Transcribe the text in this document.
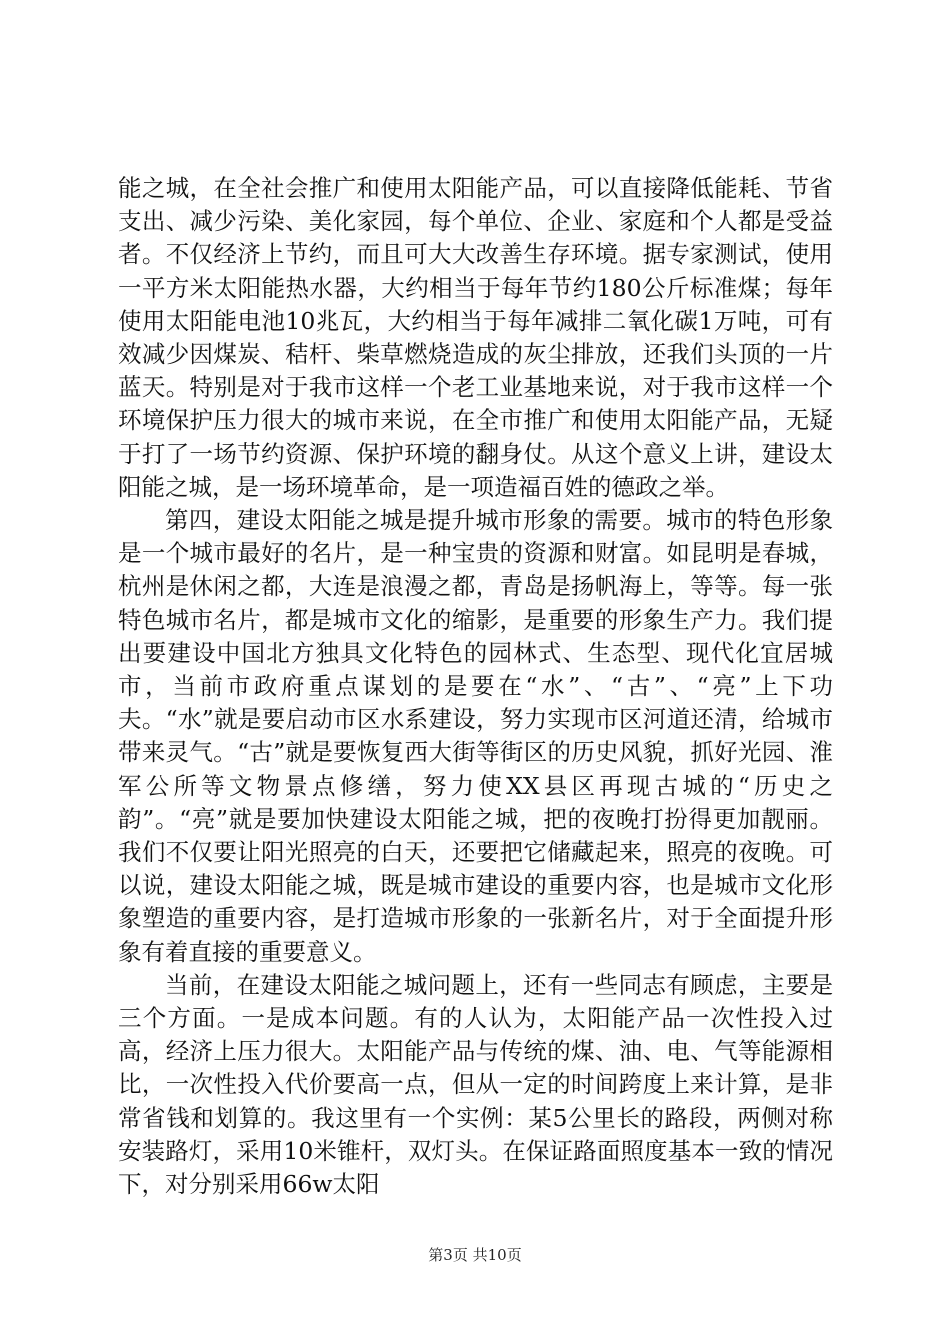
能之城，在全社会推广和使用太阳能产品，可以直接降低能耗、节省支出、减少污染、美化家园，每个单位、企业、家庭和个人都是受益者。不仅经济上节约，而且可大大改善生存环境。据专家测试，使用一平方米太阳能热水器，大约相当于每年节约180公斤标准煤；每年使用太阳能电池10兆瓦，大约相当于每年减排二氧化碳1万吨，可有效减少因煤炭、秸杆、柴草燃烧造成的灰尘排放，还我们头顶的一片蓝天。特别是对于我市这样一个老工业基地来说，对于我市这样一个环境保护压力很大的城市来说，在全市推广和使用太阳能产品，无疑于打了一场节约资源、保护环境的翻身仗。从这个意义上讲，建设太阳能之城，是一场环境革命，是一项造福百姓的德政之举。

第四，建设太阳能之城是提升城市形象的需要。城市的特色形象是一个城市最好的名片，是一种宝贵的资源和财富。如昆明是春城，杭州是休闲之都，大连是浪漫之都，青岛是扬帆海上，等等。每一张特色城市名片，都是城市文化的缩影，是重要的形象生产力。我们提出要建设中国北方独具文化特色的园林式、生态型、现代化宜居城市，当前市政府重点谋划的是要在“水”、“古”、“亮”上下功夫。“水”就是要启动市区水系建设，努力实现市区河道还清，给城市带来灵气。“古”就是要恢复西大街等街区的历史风貌，抓好光园、淮军公所等文物景点修缮，努力使XX县区再现古城的“历史之韵”。“亮”就是要加快建设太阳能之城，把的夜晚打扮得更加靓丽。我们不仅要让阳光照亮的白天，还要把它储藏起来，照亮的夜晚。可以说，建设太阳能之城，既是城市建设的重要内容，也是城市文化形象塑造的重要内容，是打造城市形象的一张新名片，对于全面提升形象有着直接的重要意义。

当前，在建设太阳能之城问题上，还有一些同志有顾虑，主要是三个方面。一是成本问题。有的人认为，太阳能产品一次性投入过高，经济上压力很大。太阳能产品与传统的煤、油、电、气等能源相比，一次性投入代价要高一点，但从一定的时间跨度上来计算，是非常省钱和划算的。我这里有一个实例：某5公里长的路段，两侧对称安装路灯，采用10米锥杆，双灯头。在保证路面照度基本一致的情况下，对分别采用66w太阳

第3页 共10页
